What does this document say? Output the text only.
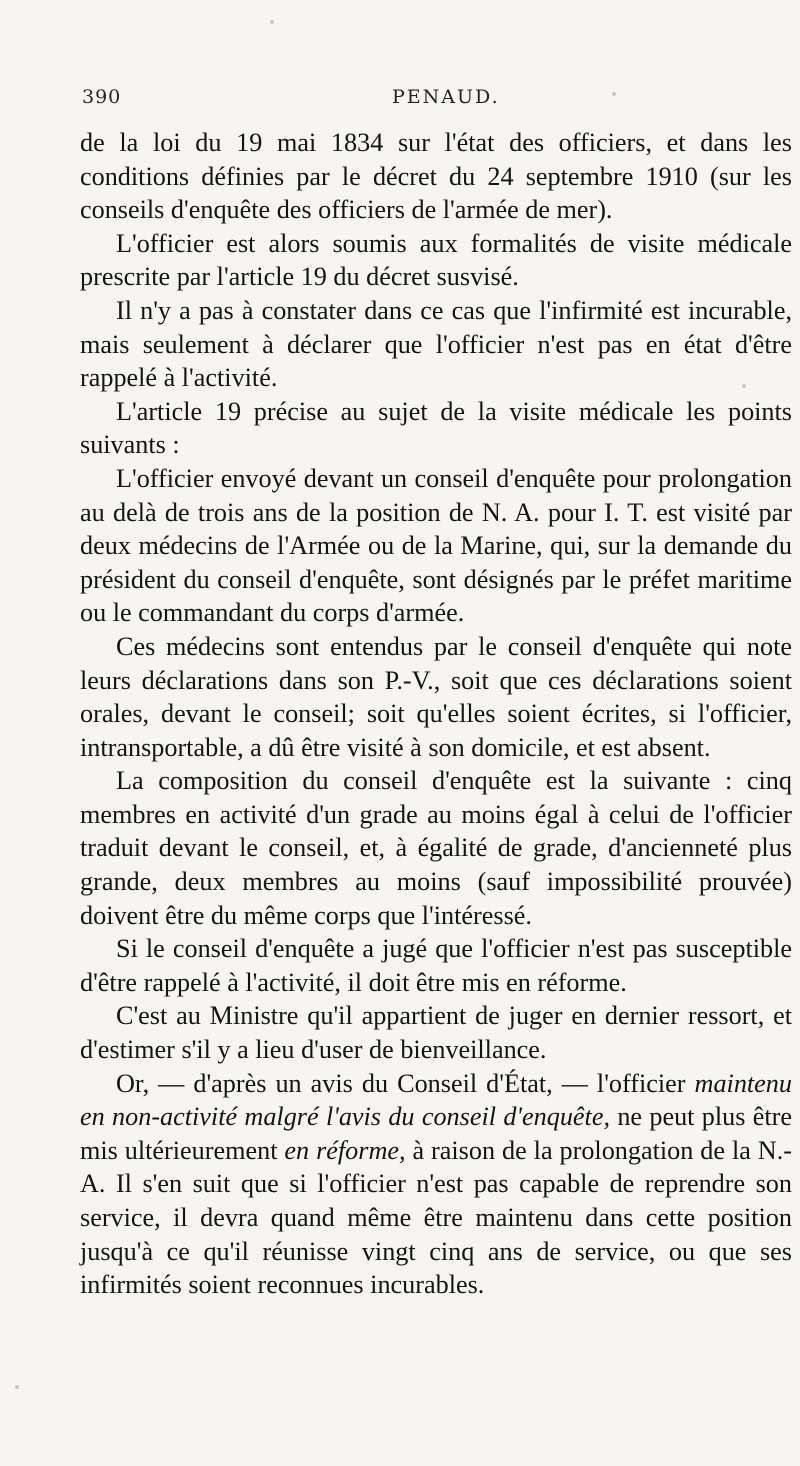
390	PENAUD.

de la loi du 19 mai 1834 sur l'état des officiers, et dans les conditions définies par le décret du 24 septembre 1910 (sur les conseils d'enquête des officiers de l'armée de mer).

L'officier est alors soumis aux formalités de visite médicale prescrite par l'article 19 du décret susvisé.

Il n'y a pas à constater dans ce cas que l'infirmité est incurable, mais seulement à déclarer que l'officier n'est pas en état d'être rappelé à l'activité.

L'article 19 précise au sujet de la visite médicale les points suivants :

L'officier envoyé devant un conseil d'enquête pour prolongation au delà de trois ans de la position de N. A. pour I. T. est visité par deux médecins de l'Armée ou de la Marine, qui, sur la demande du président du conseil d'enquête, sont désignés par le préfet maritime ou le commandant du corps d'armée.

Ces médecins sont entendus par le conseil d'enquête qui note leurs déclarations dans son P.-V., soit que ces déclarations soient orales, devant le conseil; soit qu'elles soient écrites, si l'officier, intransportable, a dû être visité à son domicile, et est absent.

La composition du conseil d'enquête est la suivante : cinq membres en activité d'un grade au moins égal à celui de l'officier traduit devant le conseil, et, à égalité de grade, d'ancienneté plus grande, deux membres au moins (sauf impossibilité prouvée) doivent être du même corps que l'intéressé.

Si le conseil d'enquête a jugé que l'officier n'est pas susceptible d'être rappelé à l'activité, il doit être mis en réforme.

C'est au Ministre qu'il appartient de juger en dernier ressort, et d'estimer s'il y a lieu d'user de bienveillance.

Or, — d'après un avis du Conseil d'État, — l'officier maintenu en non-activité malgré l'avis du conseil d'enquête, ne peut plus être mis ultérieurement en réforme, à raison de la prolongation de la N.-A. Il s'en suit que si l'officier n'est pas capable de reprendre son service, il devra quand même être maintenu dans cette position jusqu'à ce qu'il réunisse vingt cinq ans de service, ou que ses infirmités soient reconnues incurables.
